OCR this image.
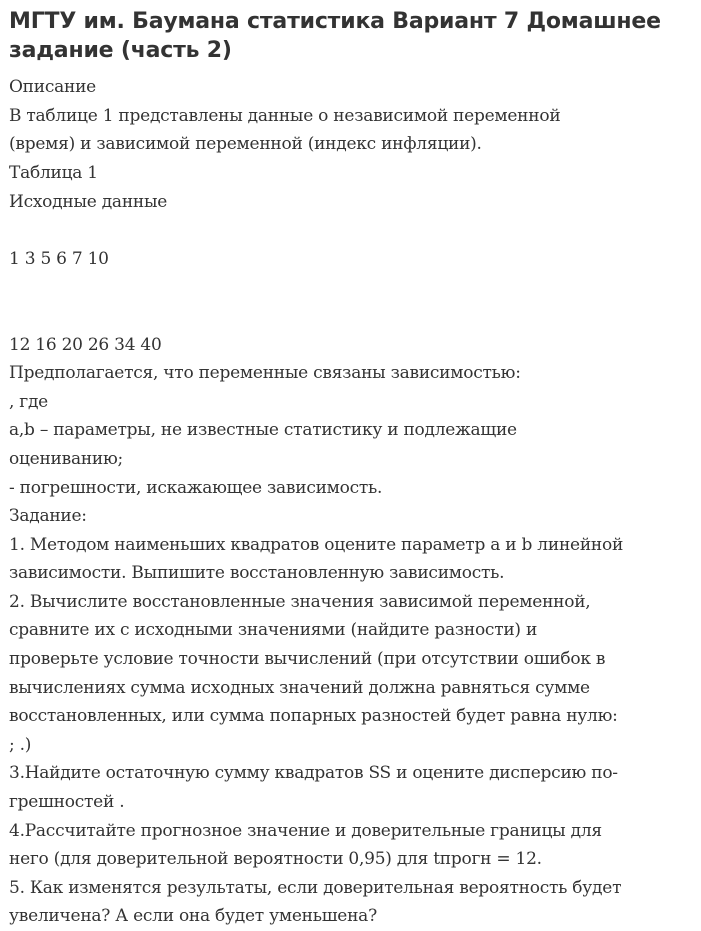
МГТУ им. Баумана статистика Вариант 7 Домашнее
задание (часть 2)
Описание
В таблице 1 представлены данные о независимой переменной
(время) и зависимой переменной (индекс инфляции).
Таблица 1
Исходные данные
1 3 5 6 7 10
12 16 20 26 34 40
Предполагается, что переменные связаны зависимостью:
, где
a,b – параметры, не известные статистику и подлежащие
оцениванию;
- погрешности, искажающее зависимость.
Задание:
1. Методом наименьших квадратов оцените параметр a и b линейной
зависимости. Выпишите восстановленную зависимость.
2. Вычислите восстановленные значения зависимой переменной,
сравните их с исходными значениями (найдите разности) и
проверьте условие точности вычислений (при отсутствии ошибок в
вычислениях сумма исходных значений должна равняться сумме
восстановленных, или сумма попарных разностей будет равна нулю:
; .)
3.Найдите остаточную сумму квадратов SS и оцените дисперсию по-
грешностей .
4.Рассчитайте прогнозное значение и доверительные границы для
него (для доверительной вероятности 0,95) для tпрогн = 12.
5. Как изменятся результаты, если доверительная вероятность будет
увеличена? А если она будет уменьшена?
